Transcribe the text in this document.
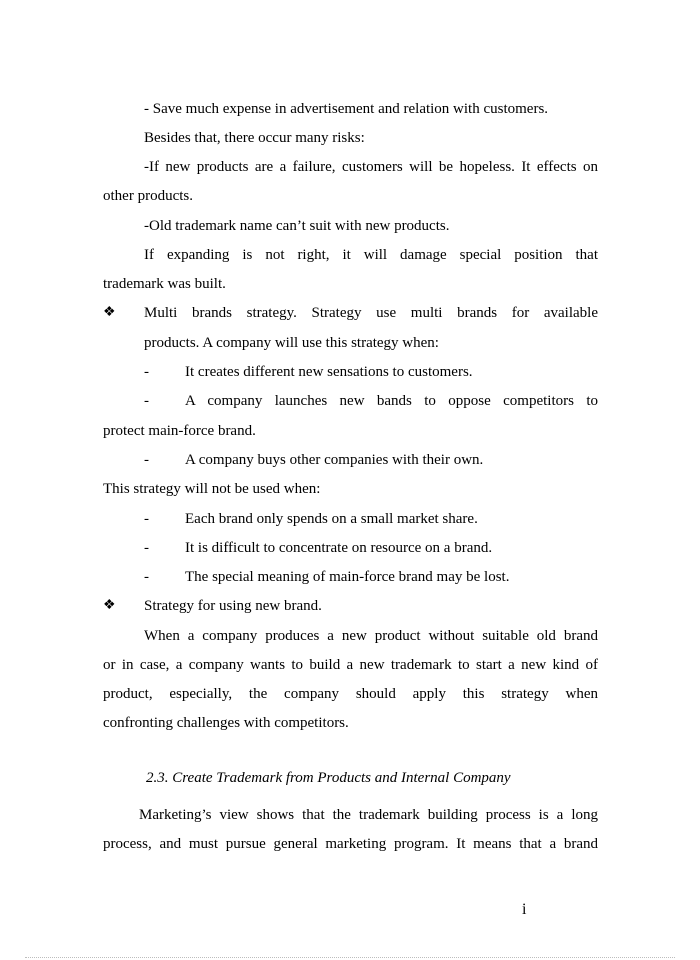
- Save much expense in advertisement and relation with customers.
Besides that, there occur many risks:
-If new products are a failure, customers will be hopeless. It effects on
other products.
-Old trademark name can’t suit with new products.
If expanding is not right, it will damage special position that
trademark was built.
❖ Multi brands strategy. Strategy use multi brands for available
products. A company will use this strategy when:
- It creates different new sensations to customers.
- A company launches new bands to oppose competitors to
protect main-force brand.
- A company buys other companies with their own.
This strategy will not be used when:
- Each brand only spends on a small market share.
- It is difficult to concentrate on resource on a brand.
- The special meaning of main-force brand may be lost.
❖ Strategy for using new brand.
When a company produces a new product without suitable old brand
or in case, a company wants to build a new trademark to start a new kind of
product, especially, the company should apply this strategy when
confronting challenges with competitors.
2.3. Create Trademark from Products and Internal Company
Marketing’s view shows that the trademark building process is a long
process, and must pursue general marketing program. It means that a brand
i
